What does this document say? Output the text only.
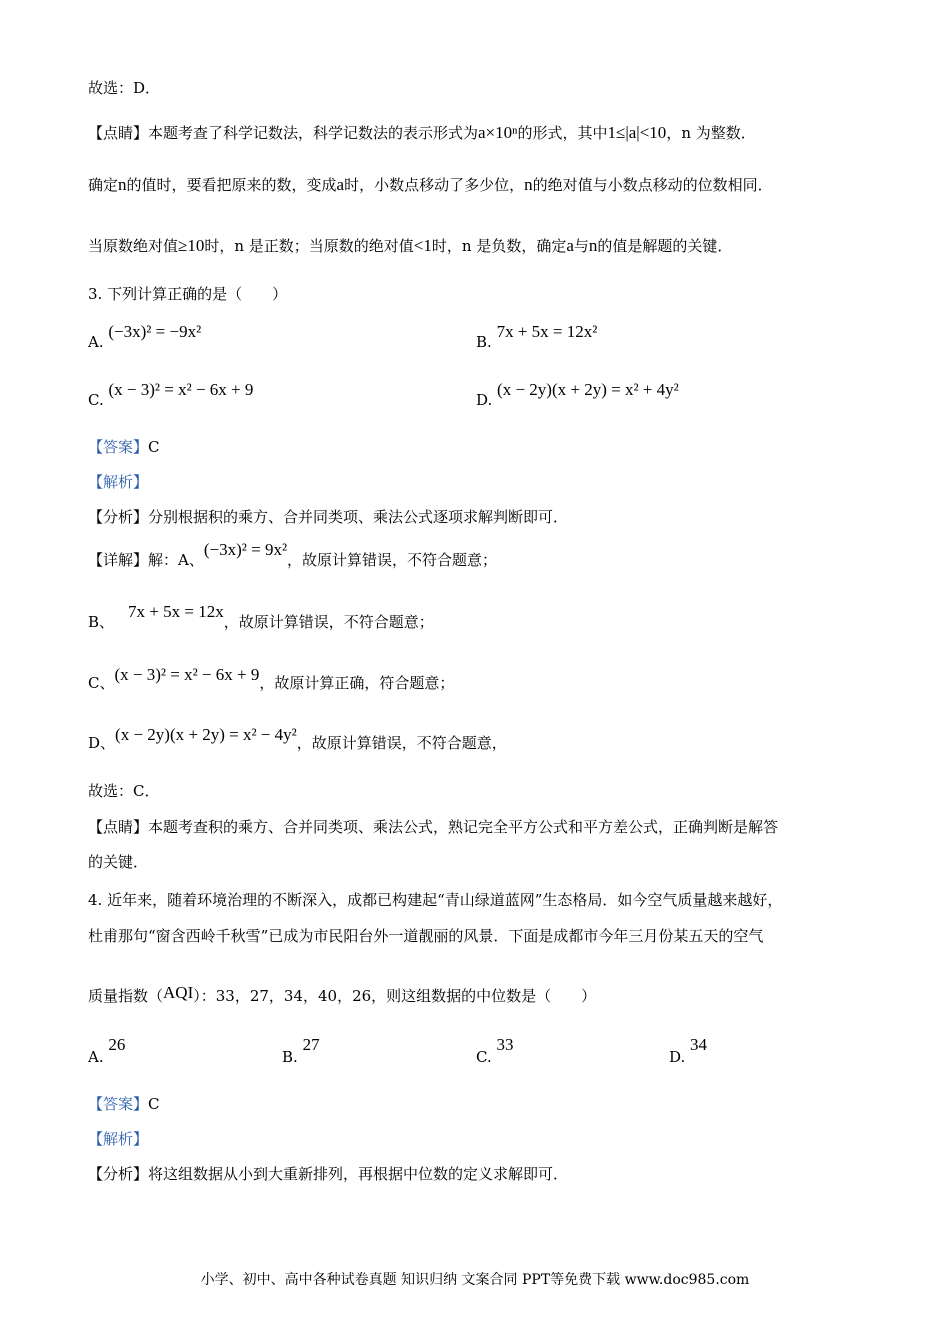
故选：D．
【点睛】本题考查了科学记数法，科学记数法的表示形式为a×10ⁿ的形式，其中1≤|a|<10，n 为整数．
确定n的值时，要看把原来的数，变成a时，小数点移动了多少位，n的绝对值与小数点移动的位数相同．
当原数绝对值≥10时，n 是正数；当原数的绝对值<1时，n 是负数，确定a与n的值是解题的关键．
3. 下列计算正确的是（　　）
A. (−3x)² = −9x²
B. 7x + 5x = 12x²
C. (x − 3)² = x² − 6x + 9
D. (x − 2y)(x + 2y) = x² + 4y²
【答案】C
【解析】
【分析】分别根据积的乘方、合并同类项、乘法公式逐项求解判断即可．
【详解】解：A、(−3x)² = 9x²，故原计算错误，不符合题意；
B、7x + 5x = 12x，故原计算错误，不符合题意；
C、(x − 3)² = x² − 6x + 9，故原计算正确，符合题意；
D、(x − 2y)(x + 2y) = x² − 4y²，故原计算错误，不符合题意，
故选：C．
【点睛】本题考查积的乘方、合并同类项、乘法公式，熟记完全平方公式和平方差公式，正确判断是解答
的关键．
4. 近年来，随着环境治理的不断深入，成都已构建起“青山绿道蓝网”生态格局．如今空气质量越来越好，
杜甫那句“窗含西岭千秋雪”已成为市民阳台外一道靓丽的风景．下面是成都市今年三月份某五天的空气
质量指数（AQI）：33，27，34，40，26，则这组数据的中位数是（　　）
A. 26
B. 27
C. 33
D. 34
【答案】C
【解析】
【分析】将这组数据从小到大重新排列，再根据中位数的定义求解即可．
小学、初中、高中各种试卷真题 知识归纳 文案合同 PPT等免费下载 www.doc985.com
